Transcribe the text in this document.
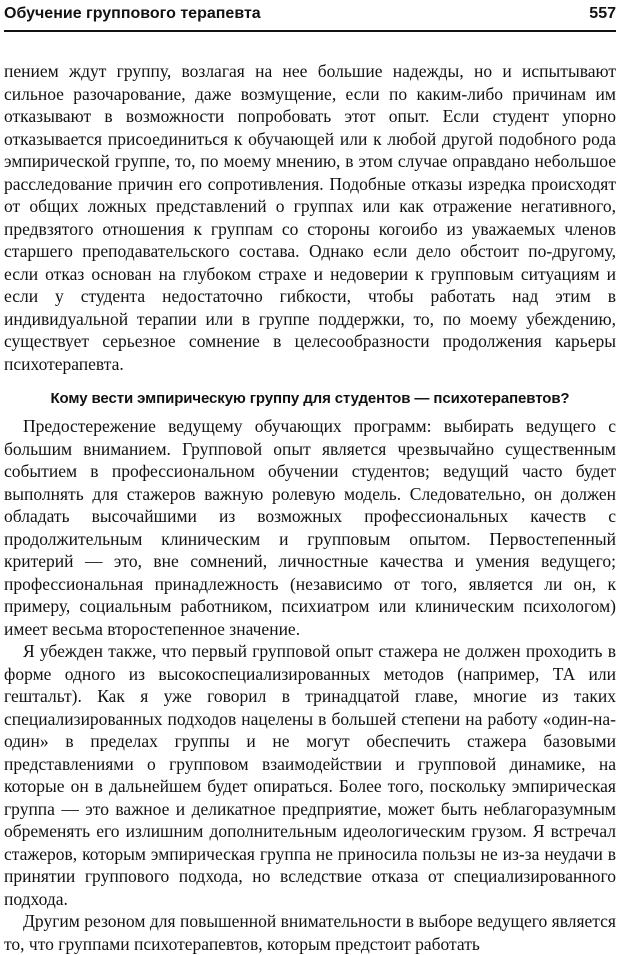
Обучение группового терапевта	557

пением ждут группу, возлагая на нее большие надежды, но и испытывают сильное разочарование, даже возмущение, если по каким-либо причинам им отказывают в возможности попробовать этот опыт. Если студент упорно отказывается присоединиться к обучающей или к любой другой подобного рода эмпирической группе, то, по моему мнению, в этом случае оправдано небольшое расследование причин его сопротивления. Подобные отказы изредка происходят от общих ложных представлений о группах или как отражение негативного, предвзятого отношения к группам со стороны когоибо из уважаемых членов старшего преподавательского состава. Однако если дело обстоит по-другому, если отказ основан на глубоком страхе и недоверии к групповым ситуациям и если у студента недостаточно гибкости, чтобы работать над этим в индивидуальной терапии или в группе поддержки, то, по моему убеждению, существует серьезное сомнение в целесообразности продолжения карьеры психотерапевта.

Кому вести эмпирическую группу для студентов — психотерапевтов?

Предостережение ведущему обучающих программ: выбирать ведущего с большим вниманием. Групповой опыт является чрезвычайно существенным событием в профессиональном обучении студентов; ведущий часто будет выполнять для стажеров важную ролевую модель. Следовательно, он должен обладать высочайшими из возможных профессиональных качеств с продолжительным клиническим и групповым опытом. Первостепенный критерий — это, вне сомнений, личностные качества и умения ведущего; профессиональная принадлежность (независимо от того, является ли он, к примеру, социальным работником, психиатром или клиническим психологом) имеет весьма второстепенное значение.

Я убежден также, что первый групповой опыт стажера не должен проходить в форме одного из высокоспециализированных методов (например, ТА или гештальт). Как я уже говорил в тринадцатой главе, многие из таких специализированных подходов нацелены в большей степени на работу «один-на-один» в пределах группы и не могут обеспечить стажера базовыми представлениями о групповом взаимодействии и групповой динамике, на которые он в дальнейшем будет опираться. Более того, поскольку эмпирическая группа — это важное и деликатное предприятие, может быть неблагоразумным обременять его излишним дополнительным идеологическим грузом. Я встречал стажеров, которым эмпирическая группа не приносила пользы не из-за неудачи в принятии группового подхода, но вследствие отказа от специализированного подхода.

Другим резоном для повышенной внимательности в выборе ведущего является то, что группами психотерапевтов, которым предстоит работать
